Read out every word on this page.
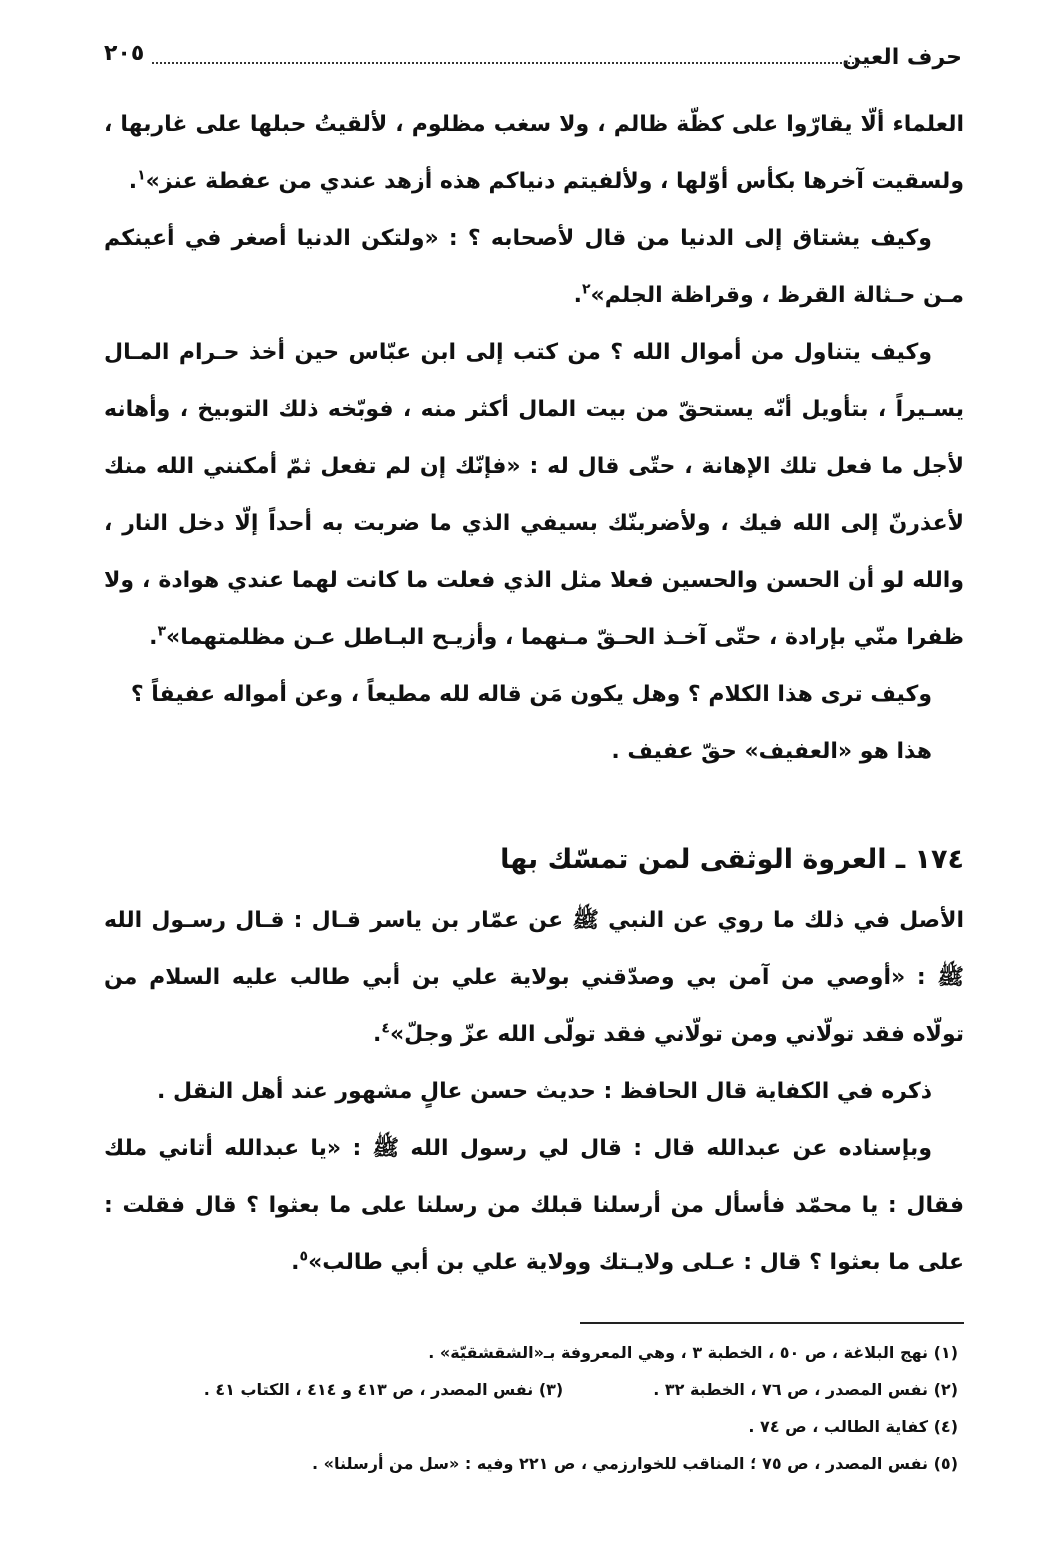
حرف العين
٢٠٥

العلماء ألّا يقارّوا على كظّة ظالم ، ولا سغب مظلوم ، لألقيتُ حبلها على غاربها ، ولسقيت آخرها بكأس أوّلها ، ولألفيتم دنياكم هذه أزهد عندي من عفطة عنز»$^١$.

وكيف يشتاق إلى الدنيا من قال لأصحابه ؟ : «ولتكن الدنيا أصغر في أعينكم مـن حـثالة القرظ ، وقراظة الجلم»$^٢$.

وكيف يتناول من أموال الله ؟ من كتب إلى ابن عبّاس حين أخذ حـرام المـال يسـيراً ، بتأويل أنّه يستحقّ من بيت المال أكثر منه ، فوبّخه ذلك التوبيخ ، وأهانه لأجل ما فعل تلك الإهانة ، حتّى قال له : «فإنّك إن لم تفعل ثمّ أمكنني الله منك لأعذرنّ إلى الله فيك ، ولأضربنّك بسيفي الذي ما ضربت به أحداً إلّا دخل النار ، والله لو أن الحسن والحسين فعلا مثل الذي فعلت ما كانت لهما عندي هوادة ، ولا ظفرا منّي بإرادة ، حتّى آخـذ الحـقّ مـنهما ، وأزيـح البـاطل عـن مظلمتهما»$^٣$.

وكيف ترى هذا الكلام ؟ وهل يكون مَن قاله لله مطيعاً ، وعن أمواله عفيفاً ؟

هذا هو «العفيف» حقّ عفيف .

١٧٤ ـ العروة الوثقى لمن تمسّك بها

الأصل في ذلك ما روي عن النبي ﷺ عن عمّار بن ياسر قـال : قـال رسـول الله ﷺ : «أوصي من آمن بي وصدّقني بولاية علي بن أبي طالب عليه السلام من تولّاه فقد تولّاني ومن تولّاني فقد تولّى الله عزّ وجلّ»$^٤$.

ذكره في الكفاية قال الحافظ : حديث حسن عالٍ مشهور عند أهل النقل .

وبإسناده عن عبدالله قال : قال لي رسول الله ﷺ : «يا عبدالله أتاني ملك فقال : يا محمّد فأسأل من أرسلنا قبلك من رسلنا على ما بعثوا ؟ قال فقلت : على ما بعثوا ؟ قال : عـلى ولايـتك وولاية علي بن أبي طالب»$^٥$.

(١) نهج البلاغة ، ص ٥٠ ، الخطبة ٣ ، وهي المعروفة بـ«الشقشقيّة» .

(٢) نفس المصدر ، ص ٧٦ ، الخطبة ٣٢ .
(٣) نفس المصدر ، ص ٤١٣ و ٤١٤ ، الكتاب ٤١ .

(٤) كفاية الطالب ، ص ٧٤ .

(٥) نفس المصدر ، ص ٧٥ ؛ المناقب للخوارزمي ، ص ٢٢١ وفيه : «سل من أرسلنا» .
